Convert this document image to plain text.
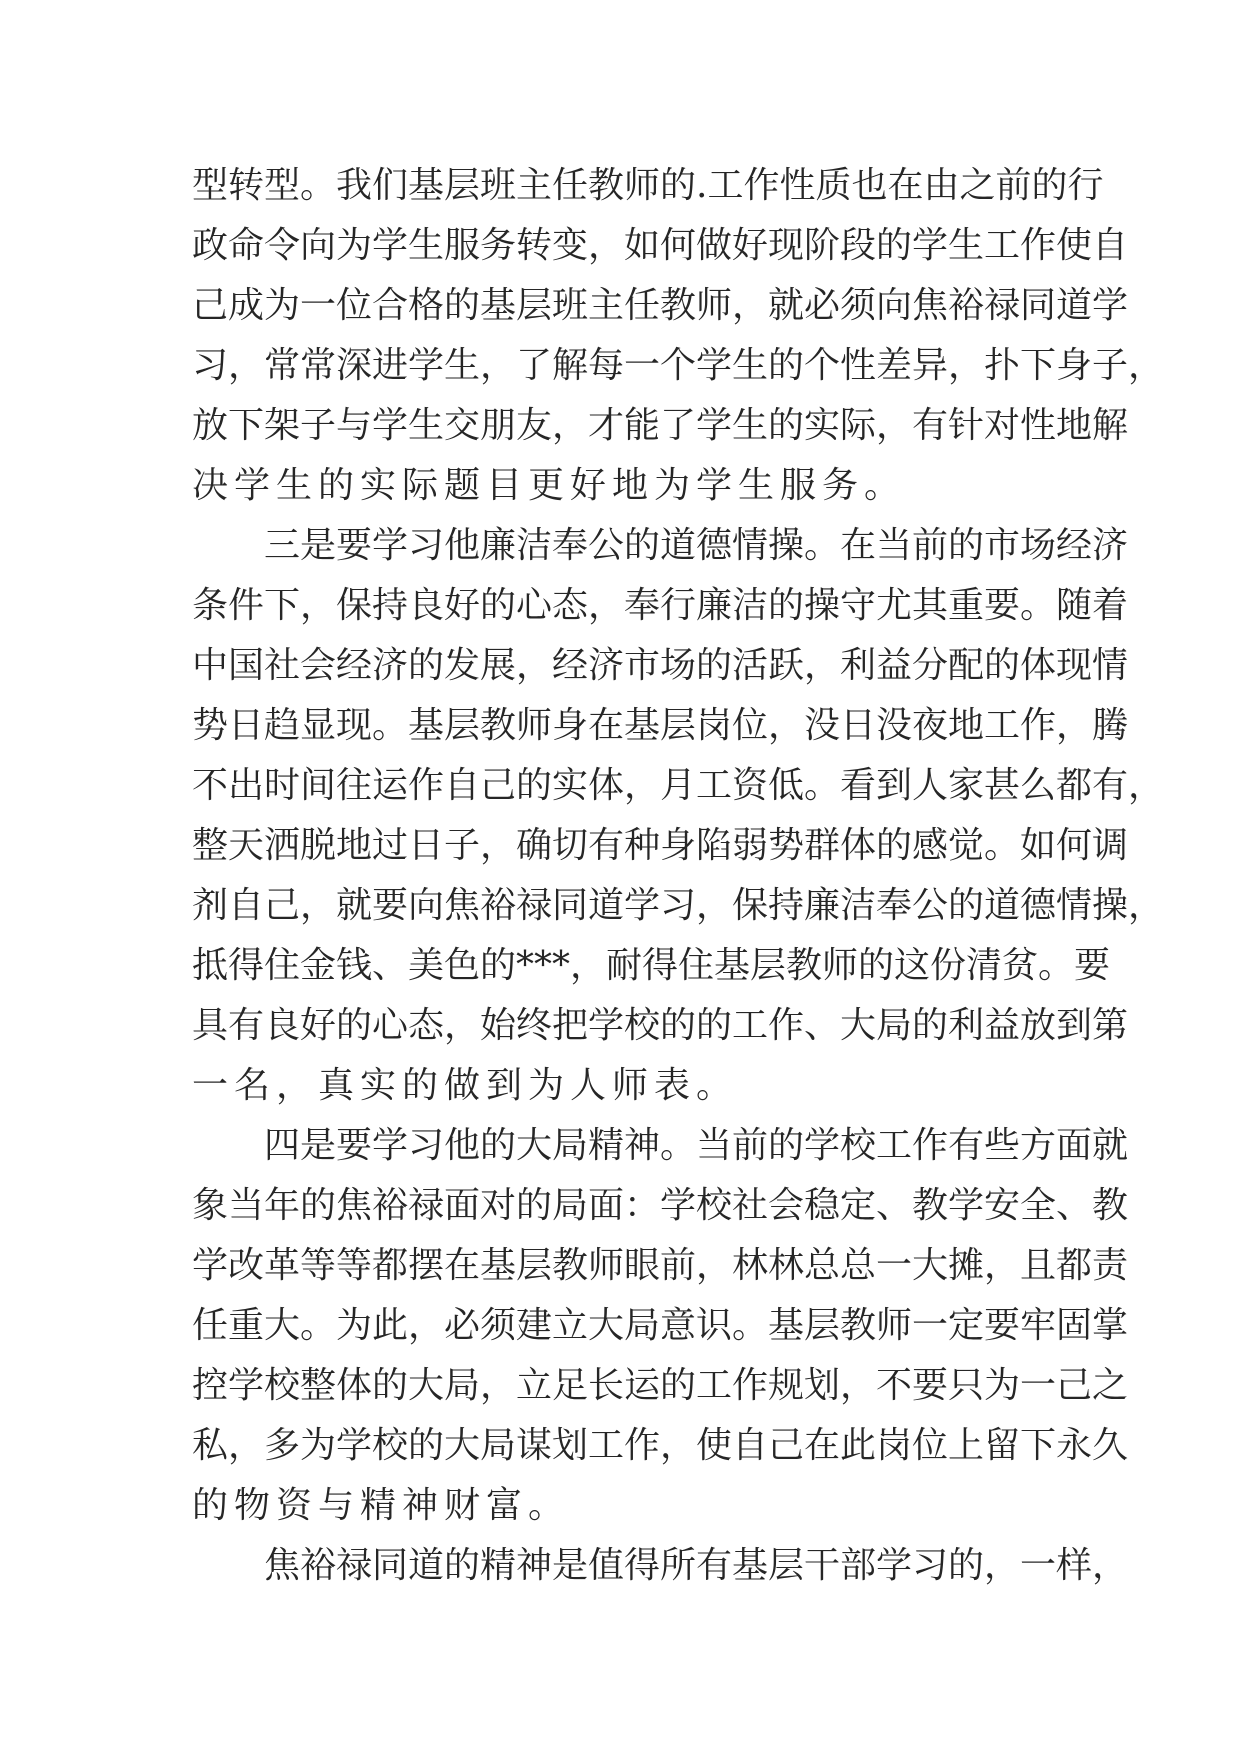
型转型。我们基层班主任教师的.工作性质也在由之前的行
政命令向为学生服务转变，如何做好现阶段的学生工作使自
己成为一位合格的基层班主任教师，就必须向焦裕禄同道学
习，常常深进学生，了解每一个学生的个性差异，扑下身子，
放下架子与学生交朋友，才能了学生的实际，有针对性地解
决学生的实际题目更好地为学生服务。
三是要学习他廉洁奉公的道德情操。在当前的市场经济
条件下，保持良好的心态，奉行廉洁的操守尤其重要。随着
中国社会经济的发展，经济市场的活跃，利益分配的体现情
势日趋显现。基层教师身在基层岗位，没日没夜地工作，腾
不出时间往运作自己的实体，月工资低。看到人家甚么都有，
整天洒脱地过日子，确切有种身陷弱势群体的感觉。如何调
剂自己，就要向焦裕禄同道学习，保持廉洁奉公的道德情操，
抵得住金钱、美色的***，耐得住基层教师的这份清贫。要
具有良好的心态，始终把学校的的工作、大局的利益放到第
一名，真实的做到为人师表。
四是要学习他的大局精神。当前的学校工作有些方面就
象当年的焦裕禄面对的局面：学校社会稳定、教学安全、教
学改革等等都摆在基层教师眼前，林林总总一大摊，且都责
任重大。为此，必须建立大局意识。基层教师一定要牢固掌
控学校整体的大局，立足长运的工作规划，不要只为一己之
私，多为学校的大局谋划工作，使自己在此岗位上留下永久
的物资与精神财富。
焦裕禄同道的精神是值得所有基层干部学习的，一样，
